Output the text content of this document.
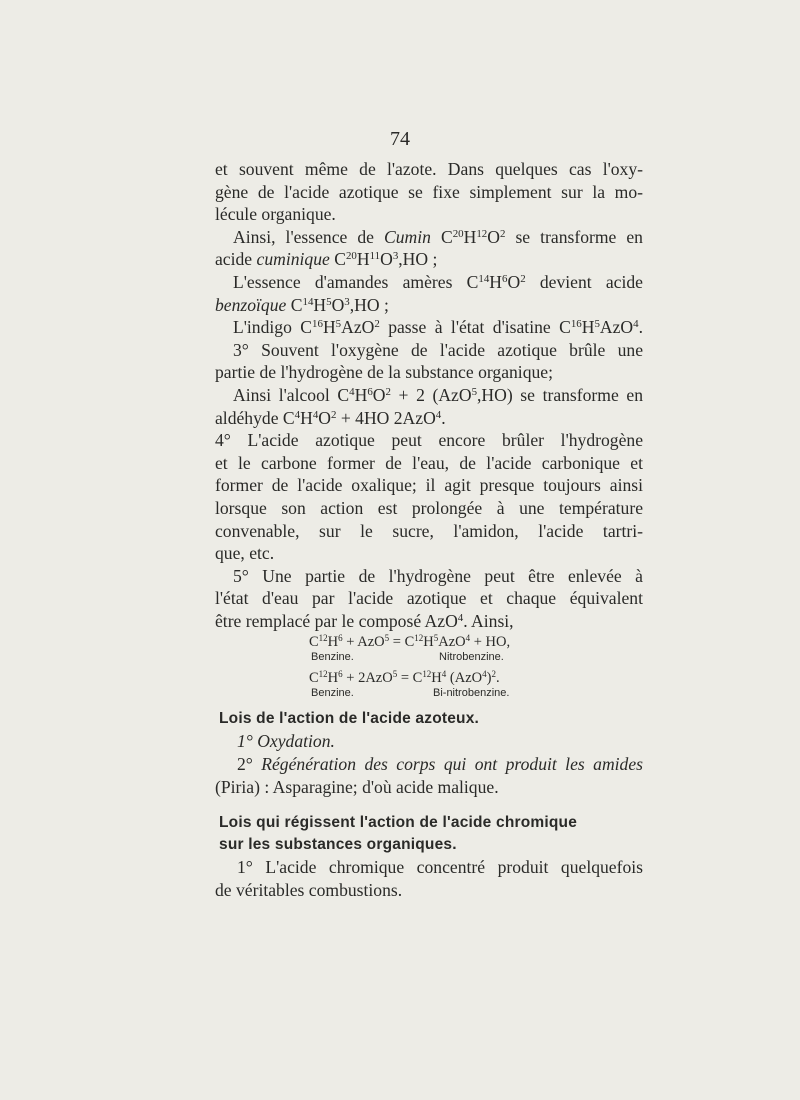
74

et souvent même de l'azote. Dans quelques cas l'oxy-

gène de l'acide azotique se fixe simplement sur la mo-

lécule organique.

Ainsi, l'essence de Cumin $C^{20}H^{12}O^2$ se transforme en

acide cuminique $C^{20}H^{11}O^3,HO$ ;

L'essence d'amandes amères $C^{14}H^6O^2$ devient acide

benzoïque $C^{14}H^5O^3,HO$ ;

L'indigo $C^{16}H^5AzO^2$ passe à l'état d'isatine $C^{16}H^5AzO^4$.

3° Souvent l'oxygène de l'acide azotique brûle une

partie de l'hydrogène de la substance organique;

Ainsi l'alcool $C^4H^6O^2 + 2$ (AzO$^5$,HO) se transforme en

aldéhyde $C^4H^4O^2 + 4HO$ 2AzO$^4$.

4° L'acide azotique peut encore brûler l'hydrogène

et le carbone former de l'eau, de l'acide carbonique et

former de l'acide oxalique; il agit presque toujours ainsi

lorsque son action est prolongée à une température

convenable, sur le sucre, l'amidon, l'acide tartri-

que, etc.

5° Une partie de l'hydrogène peut être enlevée à

l'état d'eau par l'acide azotique et chaque équivalent

être remplacé par le composé AzO$^4$. Ainsi,

$C^{12}H^6 + AzO^5 = C^{12}H^5AzO^4$ + HO,

Benzine.	Nitrobenzine.

$C^{12}H^6 + 2AzO^5 = C^{12}H^4$ $(AzO^4)^2$.

Benzine.	Bi-nitrobenzine.
Lois de l'action de l'acide azoteux.

1° Oxydation.

2° Régénération des corps qui ont produit les amides

(Piria) : Asparagine; d'où acide malique.

Lois qui régissent l'action de l'acide chromique
sur les substances organiques.

1° L'acide chromique concentré produit quelquefois

de véritables combustions.
